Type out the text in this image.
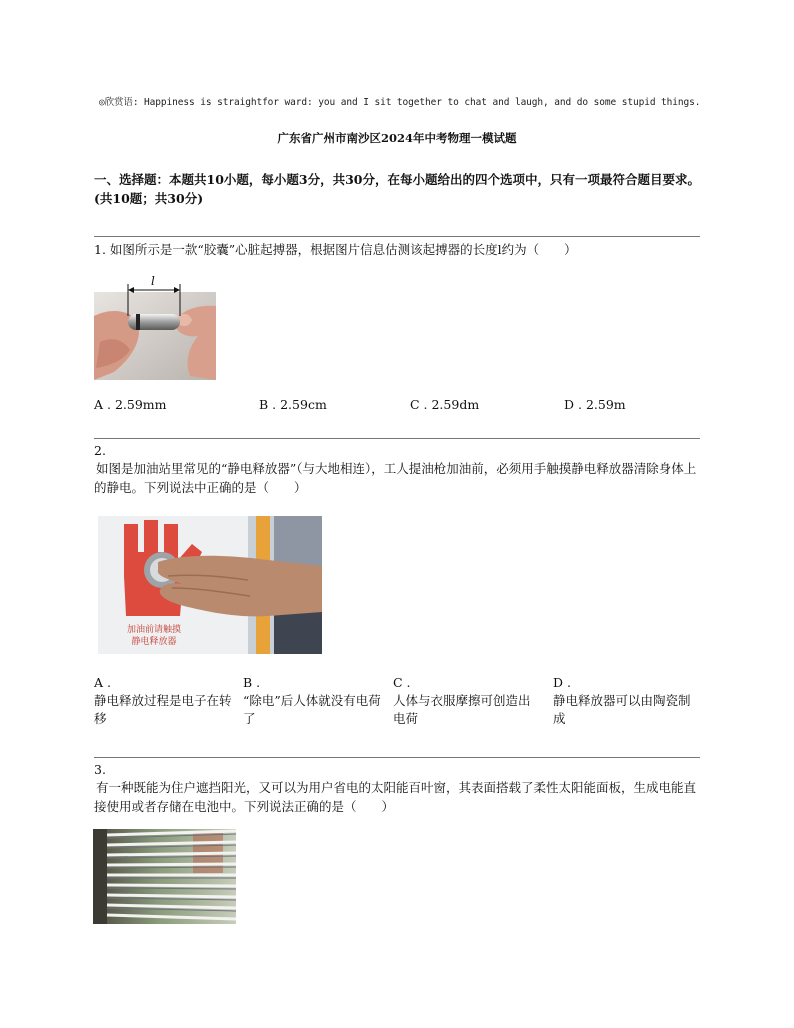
◎欣赏语: Happiness is straightfor ward: you and I sit together to chat and laugh, and do some stupid things.
广东省广州市南沙区2024年中考物理一模试题
一、选择题：本题共10小题，每小题3分，共30分，在每小题给出的四个选项中，只有一项最符合题目要求。(共10题；共30分)
1. 如图所示是一款“胶囊”心脏起搏器，根据图片信息估测该起搏器的长度l约为（　　）
l
A . 2.59mm	B . 2.59cm	C . 2.59dm	D . 2.59m
2.
如图是加油站里常见的“静电释放器”（与大地相连），工人提油枪加油前，必须用手触摸静电释放器清除身体上的静电。下列说法中正确的是（　　）
加油前请触摸
静电释放器
A .
静电释放过程是电子在转移
B .
“除电”后人体就没有电荷了
C .
人体与衣服摩擦可创造出电荷
D .
静电释放器可以由陶瓷制成
3.
有一种既能为住户遮挡阳光，又可以为用户省电的太阳能百叶窗，其表面搭载了柔性太阳能面板，生成电能直接使用或者存储在电池中。下列说法正确的是（　　）
